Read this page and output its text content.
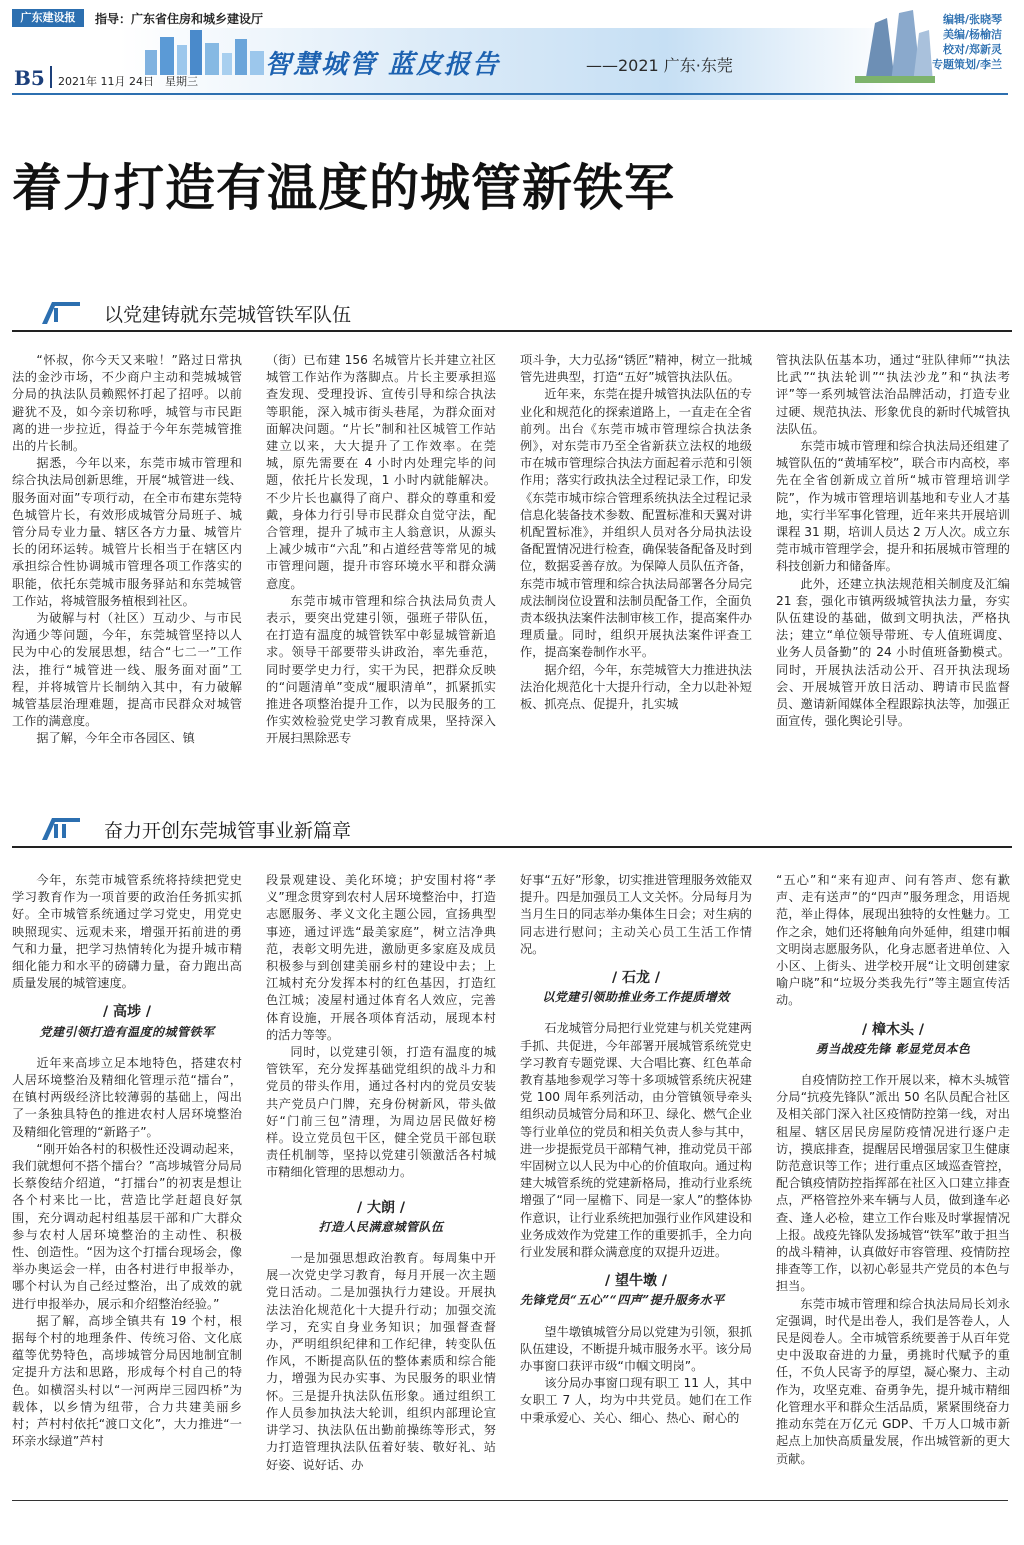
广东建设报	指导：广东省住房和城乡建设厅
智慧城管 蓝皮报告	——2021 广东·东莞
编辑/张晓琴
美编/杨榆洁
校对/郑新灵
专题策划/李兰
B5 2021年 11月 24日　星期三
着力打造有温度的城管新铁军
以党建铸就东莞城管铁军队伍

“怀叔，你今天又来啦！”路过日常执法的金沙市场，不少商户主动和莞城城管分局的执法队员赖熙怀打起了招呼。以前避犹不及，如今亲切称呼，城管与市民距离的进一步拉近，得益于今年东莞城管推出的片长制。

据悉，今年以来，东莞市城市管理和综合执法局创新思维，开展“城管进一线、服务面对面”专项行动，在全市布建东莞特色城管片长，有效形成城管分局班子、城管分局专业力量、辖区各方力量、城管片长的闭环运转。城管片长相当于在辖区内承担综合性协调城市管理各项工作落实的职能，依托东莞城市服务驿站和东莞城管工作站，将城管服务植根到社区。

为破解与村（社区）互动少、与市民沟通少等问题，今年，东莞城管坚持以人民为中心的发展思想，结合“七二一”工作法，推行“城管进一线、服务面对面”工程，并将城管片长制纳入其中，有力破解城管基层治理难题，提高市民群众对城管工作的满意度。

据了解，今年全市各园区、镇

（街）已布建 156 名城管片长并建立社区城管工作站作为落脚点。片长主要承担巡查发现、受理投诉、宣传引导和综合执法等职能，深入城市街头巷尾，为群众面对面解决问题。“片长”制和社区城管工作站建立以来，大大提升了工作效率。在莞城，原先需要在 4 小时内处理完毕的问题，依托片长发现，1 小时内就能解决。不少片长也赢得了商户、群众的尊重和爱戴，身体力行引导市民群众自觉守法，配合管理，提升了城市主人翁意识，从源头上减少城市“六乱”和占道经营等常见的城市管理问题，提升市容环境水平和群众满意度。

东莞市城市管理和综合执法局负责人表示，要突出党建引领，强班子带队伍，在打造有温度的城管铁军中彰显城管新追求。领导干部要带头讲政治，率先垂范，同时要学史力行，实干为民，把群众反映的“问题清单”变成“履职清单”，抓紧抓实推进各项整治提升工作，以为民服务的工作实效检验党史学习教育成果，坚持深入开展扫黑除恶专

项斗争，大力弘扬“锈匠”精神，树立一批城管先进典型，打造“五好”城管执法队伍。

近年来，东莞在提升城管执法队伍的专业化和规范化的探索道路上，一直走在全省前列。出台《东莞市城市管理综合执法条例》，对东莞市乃至全省新获立法权的地级市在城市管理综合执法方面起着示范和引领作用；落实行政执法全过程记录工作，印发《东莞市城市综合管理系统执法全过程记录信息化装备技术参数、配置标准和天翼对讲机配置标准》，并组织人员对各分局执法设备配置情况进行检查，确保装备配备及时到位，数据妥善存放。为保障人员队伍齐备，东莞市城市管理和综合执法局部署各分局完成法制岗位设置和法制员配备工作，全面负责本级执法案件法制审核工作，提高案件办理质量。同时，组织开展执法案件评查工作，提高案卷制作水平。

据介绍，今年，东莞城管大力推进执法法治化规范化十大提升行动，全力以赴补短板、抓亮点、促提升，扎实城

管执法队伍基本功，通过“驻队律师”“执法比武”“执法轮训”“执法沙龙”和“执法考评”等一系列城管法治品牌活动，打造专业过硬、规范执法、形象优良的新时代城管执法队伍。

东莞市城市管理和综合执法局还组建了城管队伍的“黄埔军校”，联合市内高校，率先在全省创新成立首所“城市管理培训学院”，作为城市管理培训基地和专业人才基地，实行半军事化管理，近年来共开展培训课程 31 期，培训人员达 2 万人次。成立东莞市城市管理学会，提升和拓展城市管理的科技创新力和储备库。

此外，还建立执法规范相关制度及汇编 21 套，强化市镇两级城管执法力量，夯实队伍建设的基础，做到文明执法，严格执法；建立“单位领导带班、专人值班调度、业务人员备勤”的 24 小时值班备勤模式。同时，开展执法活动公开、召开执法现场会、开展城管开放日活动、聘请市民监督员、邀请新闻媒体全程跟踪执法等，加强正面宣传，强化舆论引导。

奋力开创东莞城管事业新篇章

今年，东莞市城管系统将持续把党史学习教育作为一项首要的政治任务抓实抓好。全市城管系统通过学习党史，用党史映照现实、远观未来，增强开拓前进的勇气和力量，把学习热情转化为提升城市精细化能力和水平的磅礴力量，奋力跑出高质量发展的城管速度。

/ 高埗 /
党建引领打造有温度的城管铁军

近年来高埗立足本地特色，搭建农村人居环境整治及精细化管理示范“擂台”，在镇村两级经济比较薄弱的基础上，闯出了一条独具特色的推进农村人居环境整治及精细化管理的“新路子”。

“刚开始各村的积极性还没调动起来，我们就想何不搭个擂台？”高埗城管分局局长蔡俊结介绍道，“打擂台”的初衷是想让各个村来比一比，营造比学赶超良好氛围，充分调动起村组基层干部和广大群众参与农村人居环境整治的主动性、积极性、创造性。“因为这个打擂台现场会，像举办奥运会一样，由各村进行申报举办，哪个村认为自己经过整治，出了成效的就进行申报举办，展示和介绍整治经验。”

据了解，高埗全镇共有 19 个村，根据每个村的地理条件、传统习俗、文化底蕴等优势特色，高埗城管分局因地制宜制定提升方法和思路，形成每个村自己的特色。如横滘头村以“一河两岸三园四桥”为载体，以乡情为纽带，合力共建美丽乡村；芦村村依托“渡口文化”，大力推进“一环亲水绿道”芦村

段景观建设、美化环境；护安围村将“孝义”理念贯穿到农村人居环境整治中，打造志愿服务、孝义文化主题公园，宣扬典型事迹，通过评选“最美家庭”，树立洁净典范，表彰文明先进，激励更多家庭及成员积极参与到创建美丽乡村的建设中去；上江城村充分发挥本村的红色基因，打造红色江城；凌屋村通过体育名人效应，完善体育设施，开展各项体育活动，展现本村的活力等等。

同时，以党建引领，打造有温度的城管铁军，充分发挥基础党组织的战斗力和党员的带头作用，通过各村内的党员安装共产党员户门牌，充身份树新风，带头做好“门前三包”清理，为周边居民做好榜样。设立党员包干区，健全党员干部包联责任机制等，坚持以党建引领激活各村城市精细化管理的思想动力。

/ 大朗 /
打造人民满意城管队伍

一是加强思想政治教育。每周集中开展一次党史学习教育，每月开展一次主题党日活动。二是加强执行力建设。开展执法法治化规范化十大提升行动；加强交流学习，充实自身业务知识；加强督查督办，严明组织纪律和工作纪律，转变队伍作风，不断提高队伍的整体素质和综合能力，增强为民办实事、为民服务的职业情怀。三是提升执法队伍形象。通过组织工作人员参加执法大轮训，组织内部理论宣讲学习、执法队伍出勤前操练等形式，努力打造管理执法队伍着好装、敬好礼、站好姿、说好话、办

好事“五好”形象，切实推进管理服务效能双提升。四是加强员工人文关怀。分局每月为当月生日的同志举办集体生日会；对生病的同志进行慰问；主动关心员工生活工作情况。

/ 石龙 /
以党建引领助推业务工作提质增效

石龙城管分局把行业党建与机关党建两手抓、共促进，今年部署开展城管系统党史学习教育专题党课、大合唱比赛、红色革命教育基地参观学习等十多项城管系统庆祝建党 100 周年系列活动，由分管镇领导牵头组织动员城管分局和环卫、绿化、燃气企业等行业单位的党员和相关负责人参与其中，进一步提振党员干部精气神，推动党员干部牢固树立以人民为中心的价值取向。通过构建大城管系统的党建新格局，推动行业系统增强了“同一屋檐下、同是一家人”的整体协作意识，让行业系统把加强行业作风建设和业务成效作为党建工作的重要抓手，全力向行业发展和群众满意度的双提升迈进。

/ 望牛墩 /
先锋党员“五心”“四声”提升服务水平

望牛墩镇城管分局以党建为引领，狠抓队伍建设，不断提升城市服务水平。该分局办事窗口获评市级“巾帼文明岗”。

该分局办事窗口现有职工 11 人，其中女职工 7 人，均为中共党员。她们在工作中秉承爱心、关心、细心、热心、耐心的

“五心”和“来有迎声、问有答声、您有歉声、走有送声”的“四声”服务理念，用语规范，举止得体，展现出独特的女性魅力。工作之余，她们还将触角向外延伸，组建巾帼文明岗志愿服务队，化身志愿者进单位、入小区、上街头、进学校开展“让文明创建家喻户晓”和“垃圾分类我先行”等主题宣传活动。

/ 樟木头 /
勇当战疫先锋 彰显党员本色

自疫情防控工作开展以来，樟木头城管分局“抗疫先锋队”派出 50 名队员配合社区及相关部门深入社区疫情防控第一线，对出租屋、辖区居民房屋防疫情况进行逐户走访，摸底排查，提醒居民增强居家卫生健康防范意识等工作；进行重点区域巡查管控，配合镇疫情防控指挥部在社区入口建立排查点，严格管控外来车辆与人员，做到逢车必查、逢人必检，建立工作台账及时掌握情况上报。战疫先锋队发扬城管“铁军”敢于担当的战斗精神，认真做好市容管理、疫情防控排查等工作，以初心彰显共产党员的本色与担当。

东莞市城市管理和综合执法局局长刘永定强调，时代是出卷人，我们是答卷人，人民是阅卷人。全市城管系统要善于从百年党史中汲取奋进的力量，勇挑时代赋予的重任，不负人民寄予的厚望，凝心聚力、主动作为，攻坚克难、奋勇争先，提升城市精细化管理水平和群众生活品质，紧紧围绕奋力推动东莞在万亿元 GDP、千万人口城市新起点上加快高质量发展，作出城管新的更大贡献。
